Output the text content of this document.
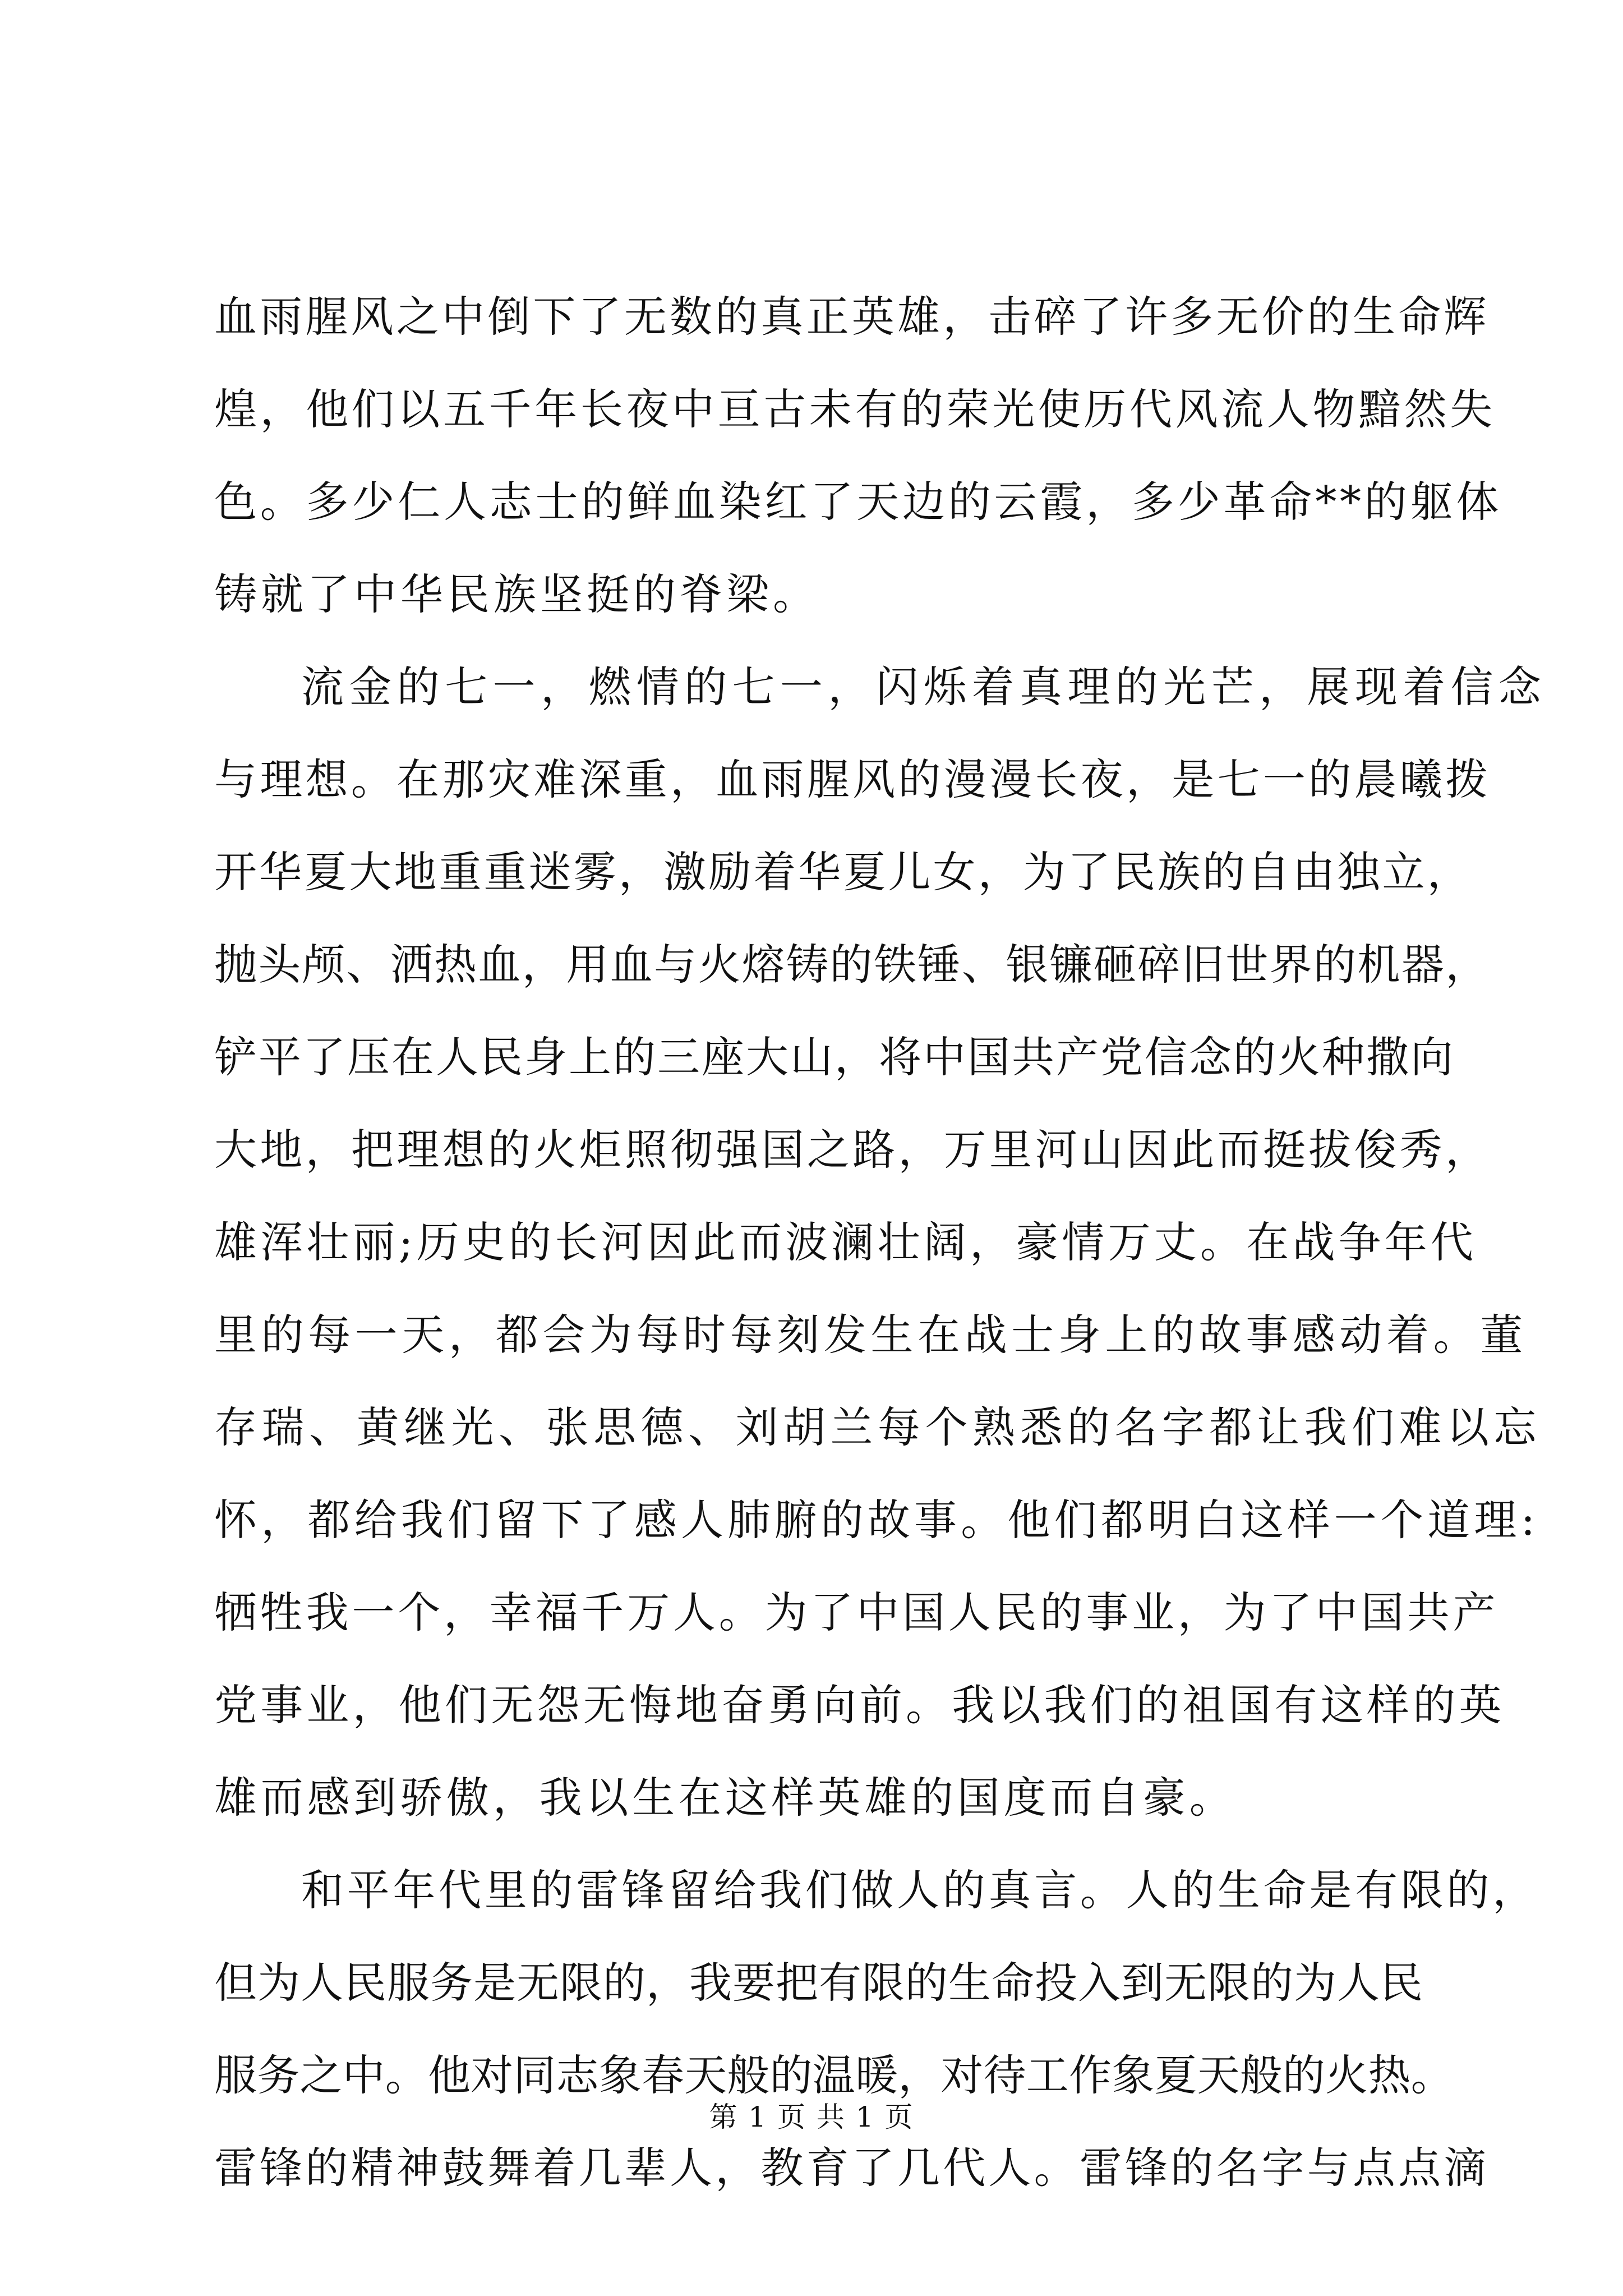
血雨腥风之中倒下了无数的真正英雄，击碎了许多无价的生命辉
煌，他们以五千年长夜中亘古未有的荣光使历代风流人物黯然失
色。多少仁人志士的鲜血染红了天边的云霞，多少革命**的躯体
铸就了中华民族坚挺的脊梁。
流金的七一，燃情的七一，闪烁着真理的光芒，展现着信念
与理想。在那灾难深重，血雨腥风的漫漫长夜，是七一的晨曦拨
开华夏大地重重迷雾，激励着华夏儿女，为了民族的自由独立，
抛头颅、洒热血，用血与火熔铸的铁锤、银镰砸碎旧世界的机器，
铲平了压在人民身上的三座大山，将中国共产党信念的火种撒向
大地，把理想的火炬照彻强国之路，万里河山因此而挺拔俊秀，
雄浑壮丽;历史的长河因此而波澜壮阔，豪情万丈。在战争年代
里的每一天，都会为每时每刻发生在战士身上的故事感动着。董
存瑞、黄继光、张思德、刘胡兰每个熟悉的名字都让我们难以忘
怀，都给我们留下了感人肺腑的故事。他们都明白这样一个道理:
牺牲我一个，幸福千万人。为了中国人民的事业，为了中国共产
党事业，他们无怨无悔地奋勇向前。我以我们的祖国有这样的英
雄而感到骄傲，我以生在这样英雄的国度而自豪。
和平年代里的雷锋留给我们做人的真言。人的生命是有限的，
但为人民服务是无限的，我要把有限的生命投入到无限的为人民
服务之中。他对同志象春天般的温暖，对待工作象夏天般的火热。
雷锋的精神鼓舞着几辈人，教育了几代人。雷锋的名字与点点滴
第 1 页 共 1 页
